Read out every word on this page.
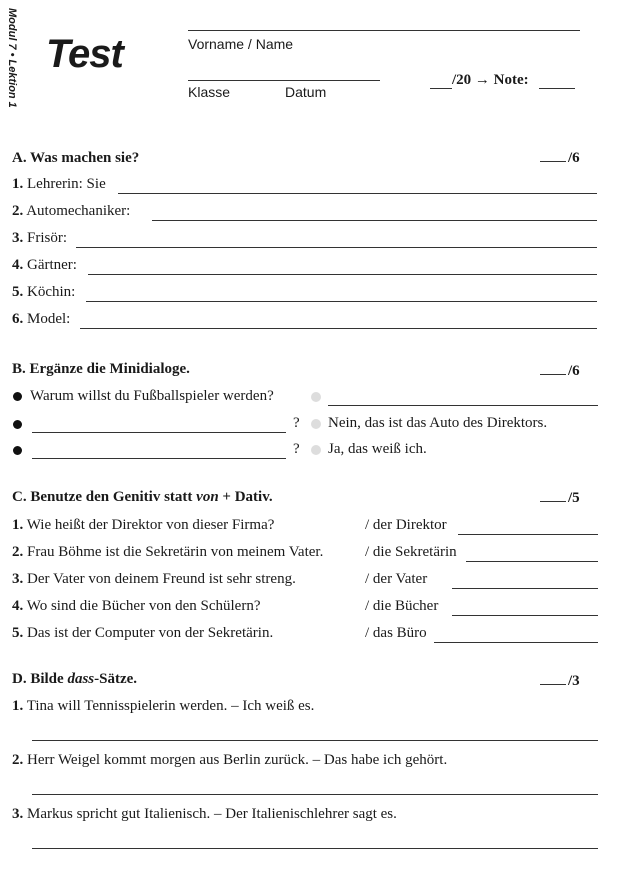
Modul 7 • Lektion 1 Test	Vorname / Name
Klasse	Datum
/20 → Note:
A. Was machen sie?	/6
1. Lehrerin: Sie
2. Automechaniker:
3. Frisör:
4. Gärtner:
5. Köchin:
6. Model:
B. Ergänze die Minidialoge.	/6
Warum willst du Fußballspieler werden?
? Nein, das ist das Auto des Direktors.
? Ja, das weiß ich.
C. Benutze den Genitiv statt von + Dativ.	/5
1. Wie heißt der Direktor von dieser Firma?	/ der Direktor
2. Frau Böhme ist die Sekretärin von meinem Vater.	/ die Sekretärin
3. Der Vater von deinem Freund ist sehr streng.	/ der Vater
4. Wo sind die Bücher von den Schülern?	/ die Bücher
5. Das ist der Computer von der Sekretärin.	/ das Büro
D. Bilde dass-Sätze.	/3
1. Tina will Tennisspielerin werden. – Ich weiß es.
2. Herr Weigel kommt morgen aus Berlin zurück. – Das habe ich gehört.
3. Markus spricht gut Italienisch. – Der Italienischlehrer sagt es.
